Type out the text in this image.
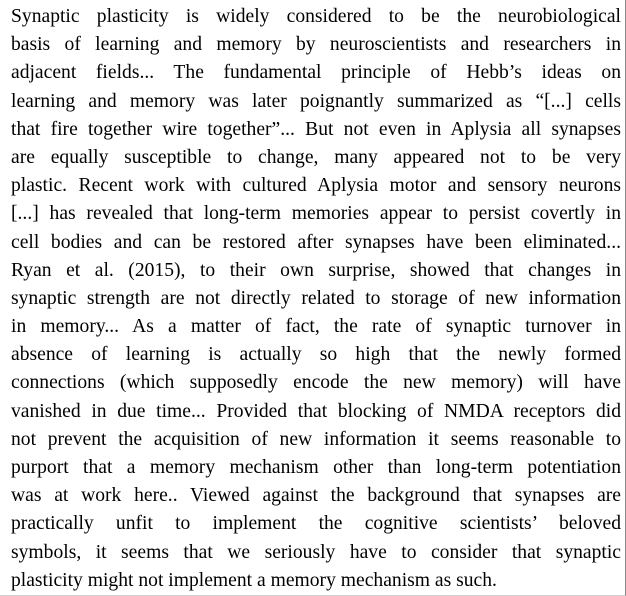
Synaptic plasticity is widely considered to be the neurobiological
basis of learning and memory by neuroscientists and researchers in
adjacent fields... The fundamental principle of Hebb’s ideas on
learning and memory was later poignantly summarized as “[...] cells
that fire together wire together”... But not even in Aplysia all synapses
are equally susceptible to change, many appeared not to be very
plastic. Recent work with cultured Aplysia motor and sensory neurons
[...] has revealed that long-term memories appear to persist covertly in
cell bodies and can be restored after synapses have been eliminated...
Ryan et al. (2015), to their own surprise, showed that changes in
synaptic strength are not directly related to storage of new information
in memory... As a matter of fact, the rate of synaptic turnover in
absence of learning is actually so high that the newly formed
connections (which supposedly encode the new memory) will have
vanished in due time... Provided that blocking of NMDA receptors did
not prevent the acquisition of new information it seems reasonable to
purport that a memory mechanism other than long-term potentiation
was at work here.. Viewed against the background that synapses are
practically unfit to implement the cognitive scientists’ beloved
symbols, it seems that we seriously have to consider that synaptic
plasticity might not implement a memory mechanism as such.
